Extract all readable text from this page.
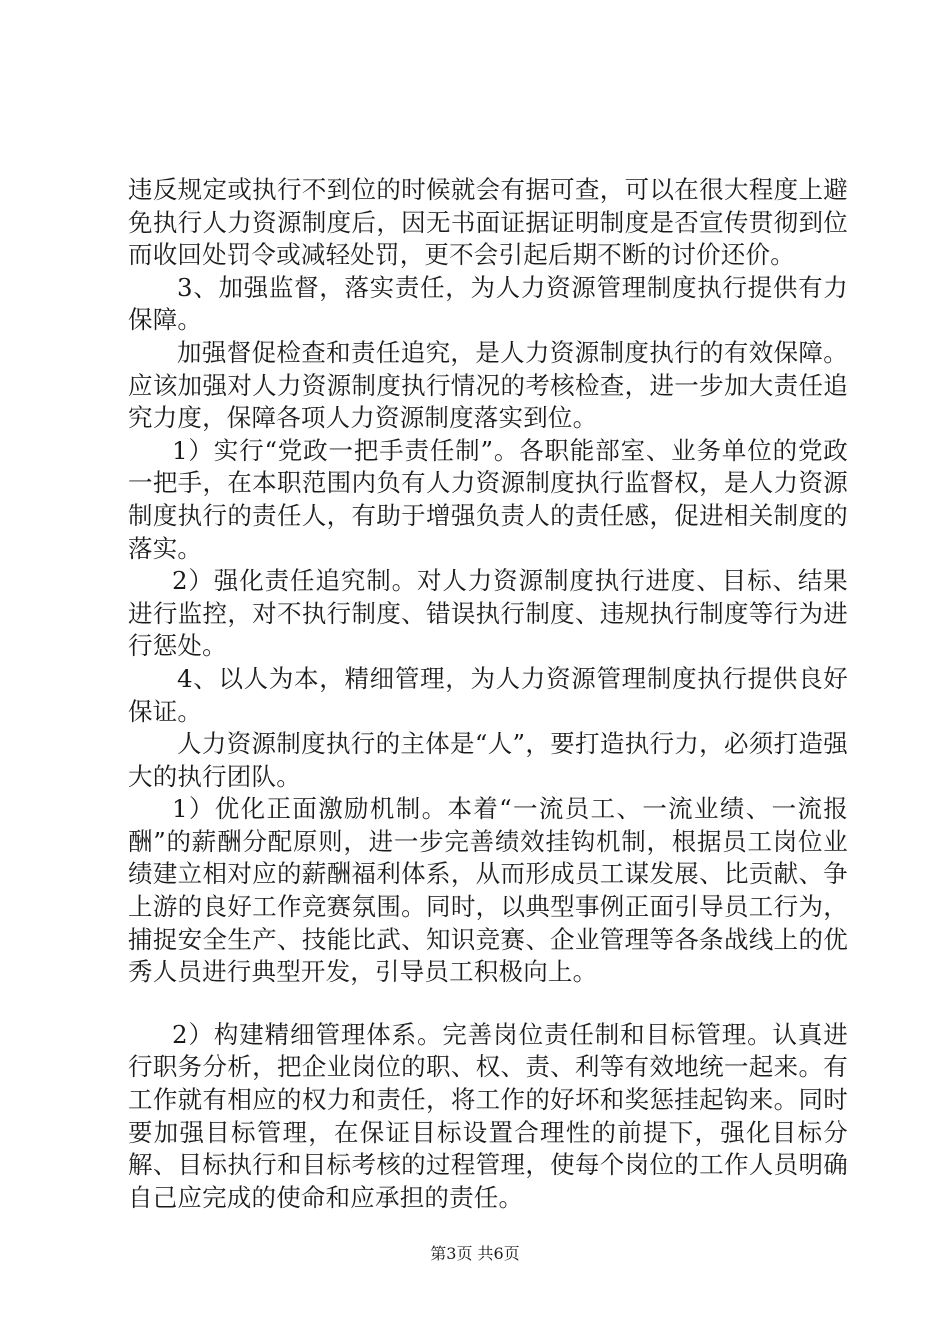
违反规定或执行不到位的时候就会有据可查，可以在很大程度上避免执行人力资源制度后，因无书面证据证明制度是否宣传贯彻到位而收回处罚令或减轻处罚，更不会引起后期不断的讨价还价。

3、加强监督，落实责任，为人力资源管理制度执行提供有力保障。

加强督促检查和责任追究，是人力资源制度执行的有效保障。应该加强对人力资源制度执行情况的考核检查，进一步加大责任追究力度，保障各项人力资源制度落实到位。

1）实行“党政一把手责任制”。各职能部室、业务单位的党政一把手，在本职范围内负有人力资源制度执行监督权，是人力资源制度执行的责任人，有助于增强负责人的责任感，促进相关制度的落实。

2）强化责任追究制。对人力资源制度执行进度、目标、结果进行监控，对不执行制度、错误执行制度、违规执行制度等行为进行惩处。

4、以人为本，精细管理，为人力资源管理制度执行提供良好保证。

人力资源制度执行的主体是“人”，要打造执行力，必须打造强大的执行团队。

1）优化正面激励机制。本着“一流员工、一流业绩、一流报酬”的薪酬分配原则，进一步完善绩效挂钩机制，根据员工岗位业绩建立相对应的薪酬福利体系，从而形成员工谋发展、比贡献、争上游的良好工作竞赛氛围。同时，以典型事例正面引导员工行为，捕捉安全生产、技能比武、知识竞赛、企业管理等各条战线上的优秀人员进行典型开发，引导员工积极向上。

2）构建精细管理体系。完善岗位责任制和目标管理。认真进行职务分析，把企业岗位的职、权、责、利等有效地统一起来。有工作就有相应的权力和责任，将工作的好坏和奖惩挂起钩来。同时要加强目标管理，在保证目标设置合理性的前提下，强化目标分解、目标执行和目标考核的过程管理，使每个岗位的工作人员明确自己应完成的使命和应承担的责任。

第3页 共6页
